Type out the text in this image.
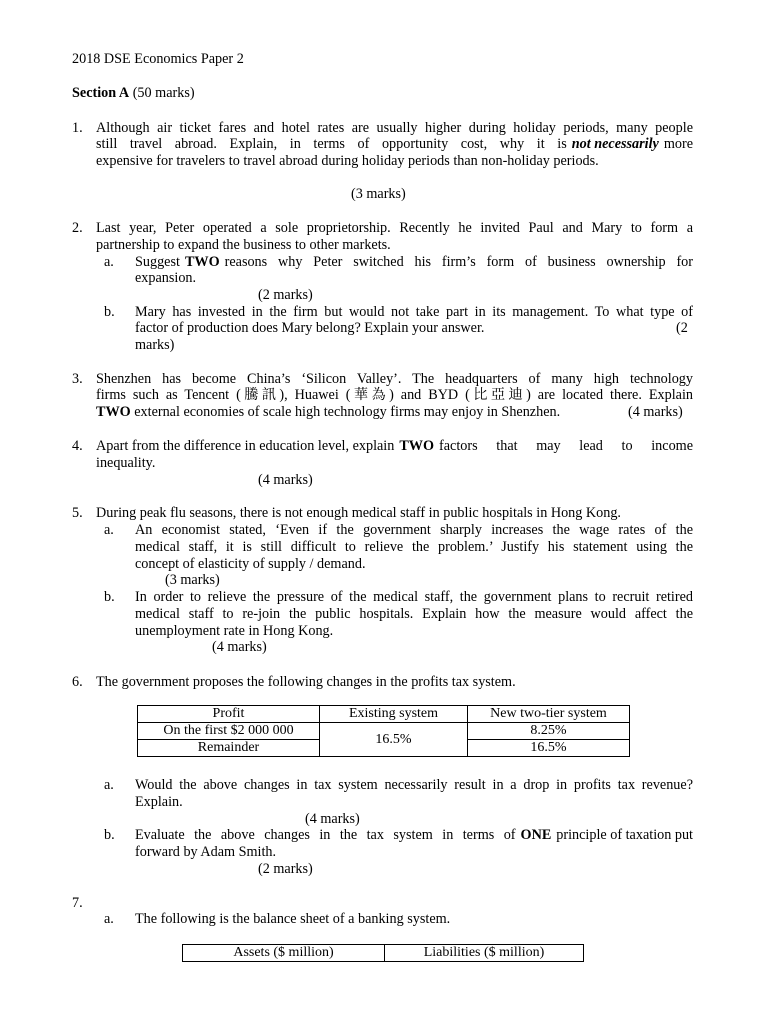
2018 DSE Economics Paper 2
Section A (50 marks)
1. Although air ticket fares and hotel rates are usually higher during holiday periods, many people
still travel abroad. Explain, in terms of opportunity cost, why it is not necessarily more
expensive for travelers to travel abroad during holiday periods than non-holiday periods.
(3 marks)
2. Last year, Peter operated a sole proprietorship. Recently he invited Paul and Mary to form a
partnership to expand the business to other markets.
a. Suggest TWO reasons why Peter switched his firm’s form of business ownership for
expansion.
(2 marks)
b. Mary has invested in the firm but would not take part in its management. To what type of
factor of production does Mary belong? Explain your answer.	(2
marks)
3. Shenzhen has become China’s ‘Silicon Valley’. The headquarters of many high technology
firms such as Tencent (騰訊), Huawei (華為) and BYD (比亞迪) are located there. Explain
TWO external economies of scale high technology firms may enjoy in Shenzhen.	(4 marks)
4. Apart from the difference in education level, explain TWO factors that may lead to income
inequality.
(4 marks)
5. During peak flu seasons, there is not enough medical staff in public hospitals in Hong Kong.
a. An economist stated, ‘Even if the government sharply increases the wage rates of the
medical staff, it is still difficult to relieve the problem.’ Justify his statement using the
concept of elasticity of supply / demand.
(3 marks)
b. In order to relieve the pressure of the medical staff, the government plans to recruit retired
medical staff to re-join the public hospitals. Explain how the measure would affect the
unemployment rate in Hong Kong.
(4 marks)
6. The government proposes the following changes in the profits tax system.
Profit	Existing system	New two-tier system
On the first $2 000 000	16.5%	8.25%
Remainder		16.5%
a. Would the above changes in tax system necessarily result in a drop in profits tax revenue?
Explain.
(4 marks)
b. Evaluate the above changes in the tax system in terms of ONE principle of taxation put
forward by Adam Smith.
(2 marks)
7.
a. The following is the balance sheet of a banking system.
Assets ($ million)	Liabilities ($ million)
